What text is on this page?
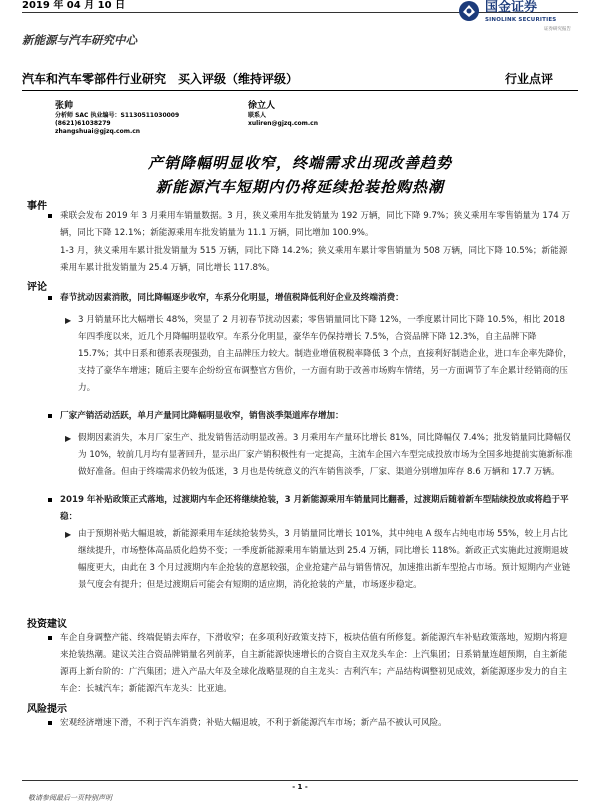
2019 年 04 月 10 日
新能源与汽车研究中心
国金证券
SINOLINK SECURITIES
证券研究报告
汽车和汽车零部件行业研究　买入评级（维持评级）	行业点评
张帅
分析师 SAC 执业编号：S1130511030009
(8621)61038279
zhangshuai@gjzq.com.cn
徐立人
联系人
xuliren@gjzq.com.cn
产销降幅明显收窄，终端需求出现改善趋势
新能源汽车短期内仍将延续抢装抢购热潮
事件
乘联会发布 2019 年 3 月乘用车销量数据。3 月，狭义乘用车批发销量为 192 万辆，同比下降 9.7%；狭义乘用车零售销量为 174 万辆，同比下降 12.1%；新能源乘用车批发销量为 11.1 万辆，同比增加 100.9%。
1-3 月，狭义乘用车累计批发销量为 515 万辆，同比下降 14.2%；狭义乘用车累计零售销量为 508 万辆，同比下降 10.5%；新能源乘用车累计批发销量为 25.4 万辆，同比增长 117.8%。
评论
春节扰动因素消散，同比降幅逐步收窄，车系分化明显，增值税降低利好企业及终端消费：
▶ 3 月销量环比大幅增长 48%，突显了 2 月初春节扰动因素；零售销量同比下降 12%，一季度累计同比下降 10.5%，相比 2018 年四季度以来，近几个月降幅明显收窄。车系分化明显，豪华车仍保持增长 7.5%，合资品牌下降 12.3%，自主品牌下降 15.7%；其中日系和德系表现强劲，自主品牌压力较大。制造业增值税税率降低 3 个点，直接利好制造企业，进口车企率先降价，支持了豪华车增速；随后主要车企纷纷宣布调整官方售价，一方面有助于改善市场购车情绪，另一方面调节了车企累计经销商的压力。
厂家产销活动活跃，单月产量同比降幅明显收窄，销售淡季渠道库存增加：
▶ 假期因素消失，本月厂家生产、批发销售活动明显改善。3 月乘用车产量环比增长 81%，同比降幅仅 7.4%；批发销量同比降幅仅为 10%，较前几月均有显著回升，显示出厂家产销积极性有一定提高，主流车企国六车型完成投放市场为全国多地提前实施新标准做好准备。但由于终端需求仍较为低迷，3 月也是传统意义的汽车销售淡季，厂家、渠道分别增加库存 8.6 万辆和 17.7 万辆。
2019 年补贴政策正式落地，过渡期内车企还将继续抢装，3 月新能源乘用车销量同比翻番，过渡期后随着新车型陆续投放或将趋于平稳：
▶ 由于预期补贴大幅退坡，新能源乘用车延续抢装势头，3 月销量同比增长 101%，其中纯电 A 级车占纯电市场 55%，较上月占比继续提升，市场整体高品质化趋势不变；一季度新能源乘用车销量达到 25.4 万辆，同比增长 118%。新政正式实施此过渡期退坡幅度更大，由此在 3 个月过渡期内车企抢装的意愿较强，企业抢建产品与销售情况，加速推出新车型抢占市场。预计短期内产业链景气度会有提升；但是过渡期后可能会有短期的适应期，消化抢装的产量，市场逐步稳定。
投资建议
车企自身调整产能、终端促销去库存，下滑收窄；在多项利好政策支持下，板块估值有所修复。新能源汽车补贴政策落地，短期内将迎来抢装热潮。建议关注合资品牌销量名列前茅，自主新能源快速增长的合资自主双龙头车企：上汽集团；日系销量连超预期，自主新能源再上新台阶的：广汽集团；进入产品大年及全球化战略显现的自主龙头：吉利汽车；产品结构调整初见成效，新能源逐步发力的自主车企：长城汽车；新能源汽车龙头：比亚迪。
风险提示
宏观经济增速下滑，不利于汽车消费；补贴大幅退坡，不利于新能源汽车市场；新产品不被认可风险。
- 1 -
敬请参阅最后一页特别声明
